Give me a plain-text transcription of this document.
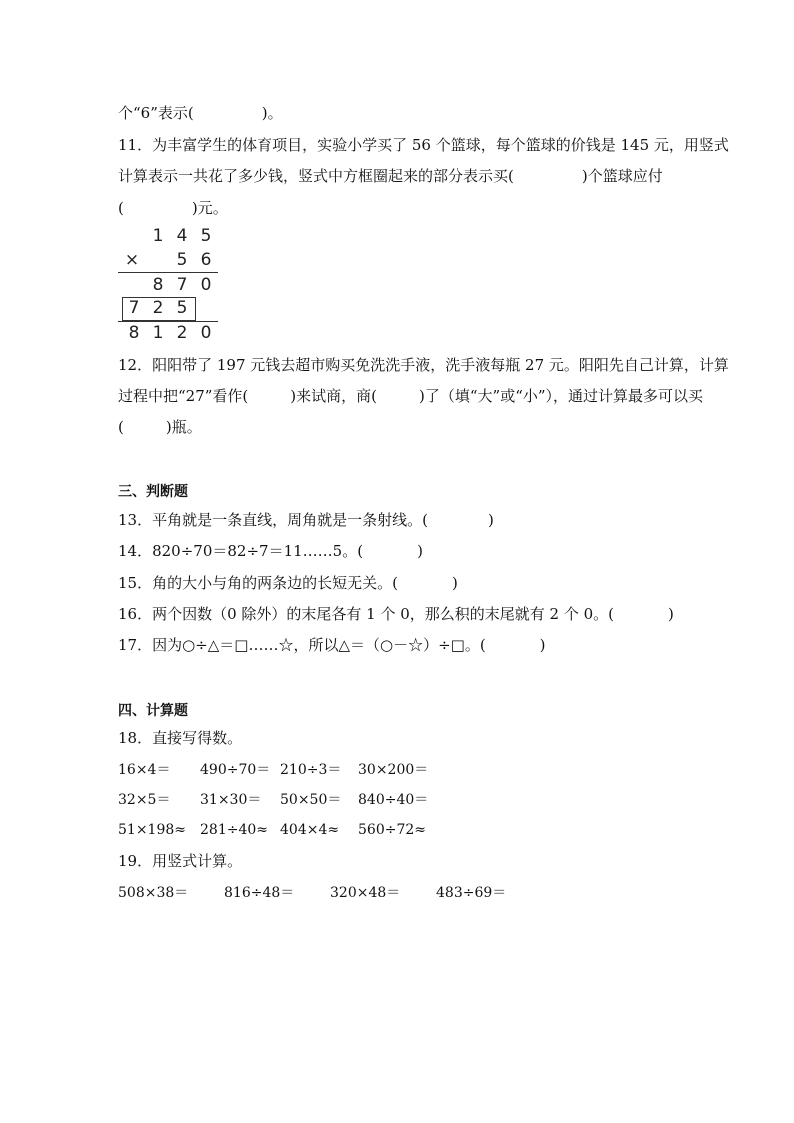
个“6”表示(	)。
11．为丰富学生的体育项目，实验小学买了 56 个篮球，每个篮球的价钱是 145 元，用竖式
计算表示一共花了多少钱，竖式中方框圈起来的部分表示买(	)个篮球应付
(	)元。
1 4 5
× 5 6
8 7 0
7 2 5
8 1 2 0
12．阳阳带了 197 元钱去超市购买免洗洗手液，洗手液每瓶 27 元。阳阳先自己计算，计算
过程中把“27”看作(	)来试商，商(	)了（填“大”或“小”），通过计算最多可以买
(	)瓶。
三、判断题
13．平角就是一条直线，周角就是一条射线。(	)
14．820÷70＝82÷7＝11……5。(	)
15．角的大小与角的两条边的长短无关。(	)
16．两个因数（0 除外）的末尾各有 1 个 0，那么积的末尾就有 2 个 0。(	)
17．因为○÷△＝□……☆，所以△＝（○－☆）÷□。(	)
四、计算题
18．直接写得数。
16×4＝ 490÷70＝ 210÷3＝ 30×200＝
32×5＝ 31×30＝ 50×50＝ 840÷40＝
51×198≈ 281÷40≈ 404×4≈ 560÷72≈
19．用竖式计算。
508×38＝	816÷48＝	320×48＝	483÷69＝
